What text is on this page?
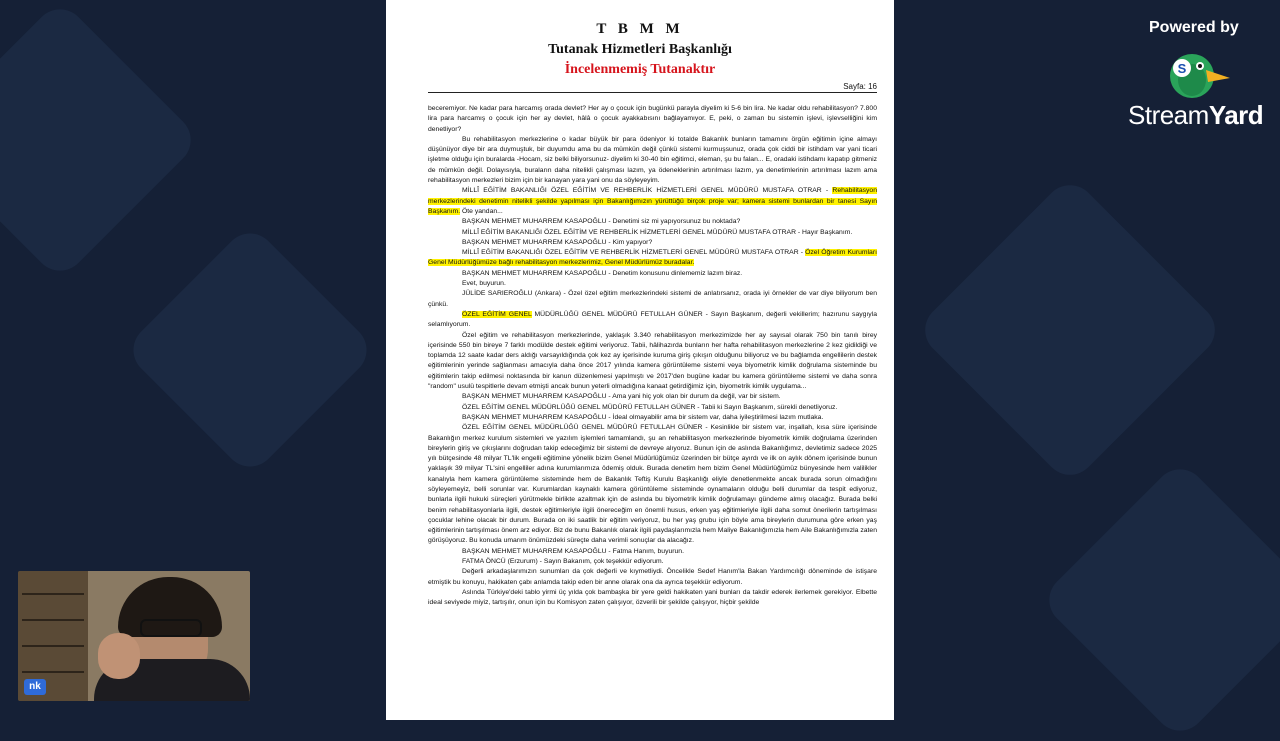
T B M M
Tutanak Hizmetleri Başkanlığı
İncelenmemiş Tutanaktır
Sayfa: 16

beceremiyor. Ne kadar para harcamış orada devlet? Her ay o çocuk için bugünkü parayla diyelim ki 5-6 bin lira. Ne kadar oldu rehabilitasyon? 7.800 lira para harcamış o çocuk için her ay devlet, hâlâ o çocuk ayakkabısını bağlayamıyor. E, peki, o zaman bu sistemin işlevi, işlevselliğini kim denetliyor?

Bu rehabilitasyon merkezlerine o kadar büyük bir para ödeniyor ki totalde Bakanlık bunların tamamını örgün eğitimin içine almayı düşünüyor diye bir ara duymuştuk, bir duyumdu ama bu da mümkün değil çünkü sistemi kurmuşsunuz, orada çok ciddi bir istihdam var yani ticari işletme olduğu için buralarda -Hocam, siz belki biliyorsunuz- diyelim ki 30-40 bin eğitimci, eleman, şu bu falan... E, oradaki istihdamı kapatıp gitmeniz de mümkün değil. Dolayısıyla, buraların daha nitelikli çalışması lazım, ya ödeneklerinin artırılması lazım, ya denetimlerinin artırılması lazım ama rehabilitasyon merkezleri bizim için bir kanayan yara yani onu da söyleyeyim.

MİLLÎ EĞİTİM BAKANLIĞI ÖZEL EĞİTİM VE REHBERLİK HİZMETLERİ GENEL MÜDÜRÜ MUSTAFA OTRAR - Rehabilitasyon merkezlerindeki denetimin nitelikli şekilde yapılması için Bakanlığımızın yürüttüğü birçok proje var; kamera sistemi bunlardan bir tanesi Sayın Başkanım. Öte yandan...

BAŞKAN MEHMET MUHARREM KASAPOĞLU - Denetimi siz mi yapıyorsunuz bu noktada?

MİLLÎ EĞİTİM BAKANLIĞI ÖZEL EĞİTİM VE REHBERLİK HİZMETLERİ GENEL MÜDÜRÜ MUSTAFA OTRAR - Hayır Başkanım.

BAŞKAN MEHMET MUHARREM KASAPOĞLU - Kim yapıyor?

MİLLÎ EĞİTİM BAKANLIĞI ÖZEL EĞİTİM VE REHBERLİK HİZMETLERİ GENEL MÜDÜRÜ MUSTAFA OTRAR - Özel Öğretim Kurumları Genel Müdürlüğümüze bağlı rehabilitasyon merkezlerimiz, Genel Müdürlümüz buradalar.

BAŞKAN MEHMET MUHARREM KASAPOĞLU - Denetim konusunu dinlememiz lazım biraz.

Evet, buyurun.

JÜLİDE SARIEROĞLU (Ankara) - Özel özel eğitim merkezlerindeki sistemi de anlatırsanız, orada iyi örnekler de var diye biliyorum ben çünkü.

ÖZEL EĞİTİM GENEL MÜDÜRLÜĞÜ GENEL MÜDÜRÜ FETULLAH GÜNER - Sayın Başkanım, değerli vekillerim; hazırunu saygıyla selamlıyorum.

Özel eğitim ve rehabilitasyon merkezlerinde, yaklaşık 3.340 rehabilitasyon merkezimizde her ay sayısal olarak 750 bin tanılı birey içerisinde 550 bin bireye 7 farklı modülde destek eğitimi veriyoruz. Tabii, hâlihazırda bunların her hafta rehabilitasyon merkezlerine 2 kez gidildiği ve toplamda 12 saate kadar ders aldığı varsayıldığında çok kez ay içerisinde kuruma giriş çıkışın olduğunu biliyoruz ve bu bağlamda engellilerin destek eğitimlerinin yerinde sağlanması amacıyla daha önce 2017 yılında kamera görüntüleme sistemi veya biyometrik kimlik doğrulama sisteminde bu eğitimlerin takip edilmesi noktasında bir kanun düzenlemesi yapılmıştı ve 2017'den bugüne kadar bu kamera görüntüleme sistemi ve daha sonra "random" usulü tespitlerle devam etmişti ancak bunun yeterli olmadığına kanaat getirdiğimiz için, biyometrik kimlik uygulama...

BAŞKAN MEHMET MUHARREM KASAPOĞLU - Ama yani hiç yok olan bir durum da değil, var bir sistem.

ÖZEL EĞİTİM GENEL MÜDÜRLÜĞÜ GENEL MÜDÜRÜ FETULLAH GÜNER - Tabii ki Sayın Başkanım, sürekli denetliyoruz.

BAŞKAN MEHMET MUHARREM KASAPOĞLU - İdeal olmayabilir ama bir sistem var, daha iyileştirilmesi lazım mutlaka.

ÖZEL EĞİTİM GENEL MÜDÜRLÜĞÜ GENEL MÜDÜRÜ FETULLAH GÜNER - Kesinlikle bir sistem var, inşallah, kısa süre içerisinde Bakanlığın merkez kurulum sistemleri ve yazılım işlemleri tamamlandı, şu an rehabilitasyon merkezlerinde biyometrik kimlik doğrulama üzerinden bireylerin giriş ve çıkışlarını doğrudan takip edeceğimiz bir sistemi de devreye alıyoruz. Bunun için de aslında Bakanlığımız, devletimiz sadece 2025 yılı bütçesinde 48 milyar TL'lik engelli eğitimine yönelik bizim Genel Müdürlüğümüz üzerinden bir bütçe ayırdı ve ilk on aylık dönem içerisinde bunun yaklaşık 39 milyar TL'sini engelliler adına kurumlarımıza ödemiş olduk. Burada denetim hem bizim Genel Müdürlüğümüz bünyesinde hem valilikler kanalıyla hem kamera görüntüleme sisteminde hem de Bakanlık Teftiş Kurulu Başkanlığı eliyle denetlenmekte ancak burada sorun olmadığını söyleyemeyiz, belli sorunlar var. Kurumlardan kaynaklı kamera görüntüleme sisteminde oynamaların olduğu belli durumlar da tespit ediyoruz, bunlarla ilgili hukuki süreçleri yürütmekle birlikte azaltmak için de aslında bu biyometrik kimlik doğrulamayı gündeme almış olacağız. Burada belki benim rehabilitasyonlarla ilgili, destek eğitimleriyle ilgili önereceğim en önemli husus, erken yaş eğitimleriyle ilgili daha somut önerilerin tartışılması çocuklar lehine olacak bir durum. Burada on iki saatlik bir eğitim veriyoruz, bu her yaş grubu için böyle ama bireylerin durumuna göre erken yaş eğitimlerinin tartışılması önem arz ediyor. Biz de bunu Bakanlık olarak ilgili paydaşlarımızla hem Maliye Bakanlığımızla hem Aile Bakanlığımızla zaten görüşüyoruz. Bu konuda umarım önümüzdeki süreçte daha verimli sonuçlar da alacağız.

BAŞKAN MEHMET MUHARREM KASAPOĞLU - Fatma Hanım, buyurun.

FATMA ÖNCÜ (Erzurum) - Sayın Bakanım, çok teşekkür ediyorum.

Değerli arkadaşlarımızın sunumları da çok değerli ve kıymetliydi. Öncelikle Sedef Hanım'la Bakan Yardımcılığı döneminde de istişare etmiştik bu konuyu, hakikaten çabı anlamda takip eden bir anne olarak ona da ayrıca teşekkür ediyorum.

Aslında Türkiye'deki tablo yirmi üç yılda çok bambaşka bir yere geldi hakikaten yani bunları da takdir ederek ilerlemek gerekiyor. Elbette ideal seviyede miyiz, tartışılır, onun için bu Komisyon zaten çalışıyor, özverili bir şekilde çalışıyor, hiçbir şekilde

Powered by
S
StreamYard
nk
